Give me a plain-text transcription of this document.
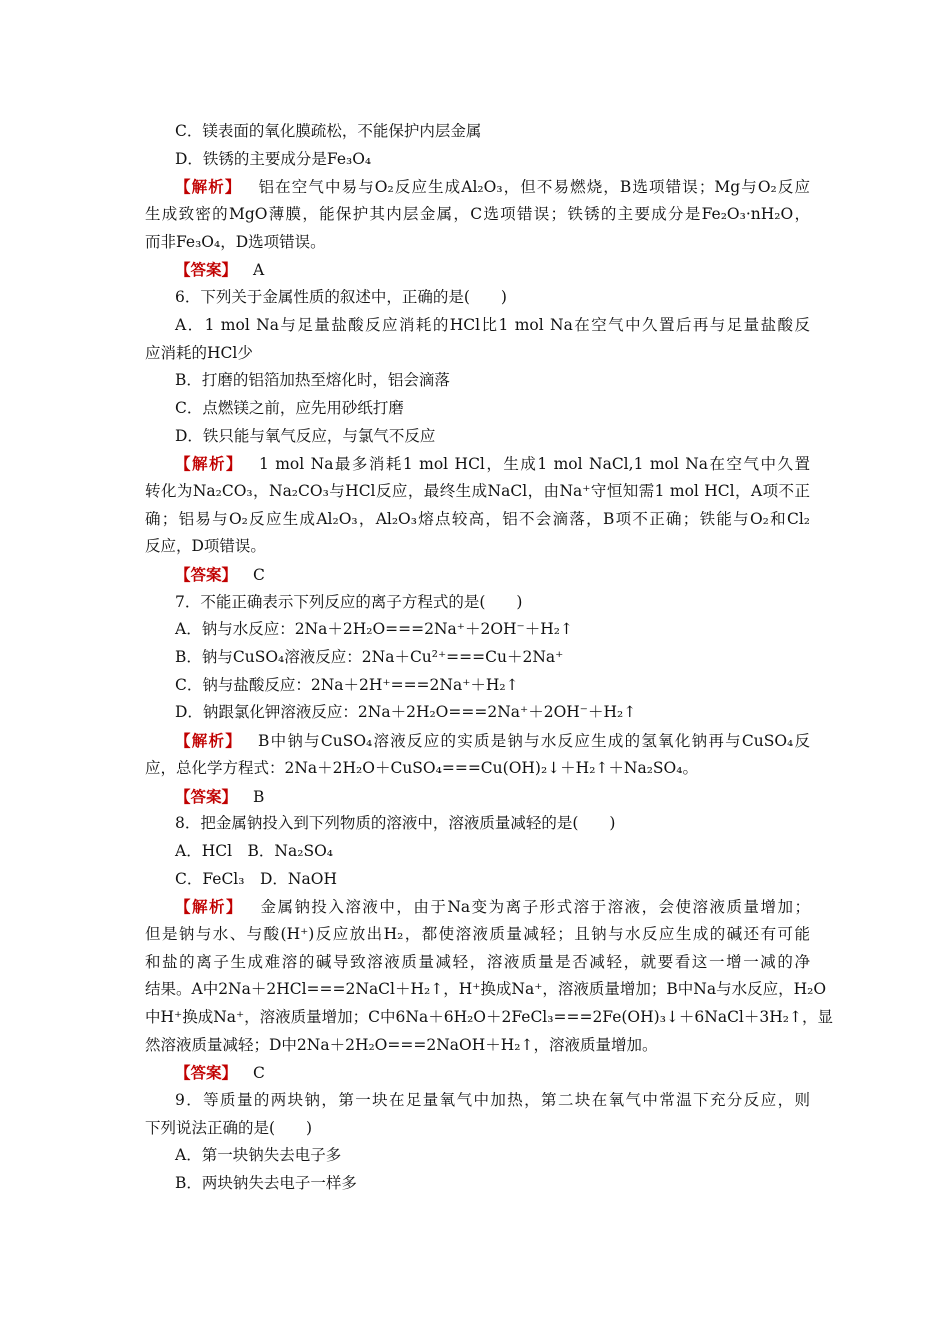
C．镁表面的氧化膜疏松，不能保护内层金属
D．铁锈的主要成分是Fe₃O₄
【解析】 铝在空气中易与O₂反应生成Al₂O₃，但不易燃烧，B选项错误；Mg与O₂反应
生成致密的MgO薄膜，能保护其内层金属，C选项错误；铁锈的主要成分是Fe₂O₃·nH₂O，
而非Fe₃O₄，D选项错误。
【答案】 A
6．下列关于金属性质的叙述中，正确的是(　　)
A．1 mol Na与足量盐酸反应消耗的HCl比1 mol Na在空气中久置后再与足量盐酸反
应消耗的HCl少
B．打磨的铝箔加热至熔化时，铝会滴落
C．点燃镁之前，应先用砂纸打磨
D．铁只能与氧气反应，与氯气不反应
【解析】 1 mol Na最多消耗1 mol HCl，生成1 mol NaCl,1 mol Na在空气中久置
转化为Na₂CO₃，Na₂CO₃与HCl反应，最终生成NaCl，由Na⁺守恒知需1 mol HCl，A项不正
确；铝易与O₂反应生成Al₂O₃，Al₂O₃熔点较高，铝不会滴落，B项不正确；铁能与O₂和Cl₂
反应，D项错误。
【答案】 C
7．不能正确表示下列反应的离子方程式的是(　　)
A．钠与水反应：2Na＋2H₂O===2Na⁺＋2OH⁻＋H₂↑
B．钠与CuSO₄溶液反应：2Na＋Cu²⁺===Cu＋2Na⁺
C．钠与盐酸反应：2Na＋2H⁺===2Na⁺＋H₂↑
D．钠跟氯化钾溶液反应：2Na＋2H₂O===2Na⁺＋2OH⁻＋H₂↑
【解析】 B中钠与CuSO₄溶液反应的实质是钠与水反应生成的氢氧化钠再与CuSO₄反
应，总化学方程式：2Na＋2H₂O＋CuSO₄===Cu(OH)₂↓＋H₂↑＋Na₂SO₄。
【答案】 B
8．把金属钠投入到下列物质的溶液中，溶液质量减轻的是(　　)
A．HCl　 B．Na₂SO₄
C．FeCl₃　 D．NaOH
【解析】 金属钠投入溶液中，由于Na变为离子形式溶于溶液，会使溶液质量增加；
但是钠与水、与酸(H⁺)反应放出H₂，都使溶液质量减轻；且钠与水反应生成的碱还有可能
和盐的离子生成难溶的碱导致溶液质量减轻，溶液质量是否减轻，就要看这一增一减的净
结果。A中2Na＋2HCl===2NaCl＋H₂↑，H⁺换成Na⁺，溶液质量增加；B中Na与水反应，H₂O
中H⁺换成Na⁺，溶液质量增加；C中6Na＋6H₂O＋2FeCl₃===2Fe(OH)₃↓＋6NaCl＋3H₂↑，显
然溶液质量减轻；D中2Na＋2H₂O===2NaOH＋H₂↑，溶液质量增加。
【答案】 C
9．等质量的两块钠，第一块在足量氧气中加热，第二块在氧气中常温下充分反应，则
下列说法正确的是(　　)
A．第一块钠失去电子多
B．两块钠失去电子一样多
